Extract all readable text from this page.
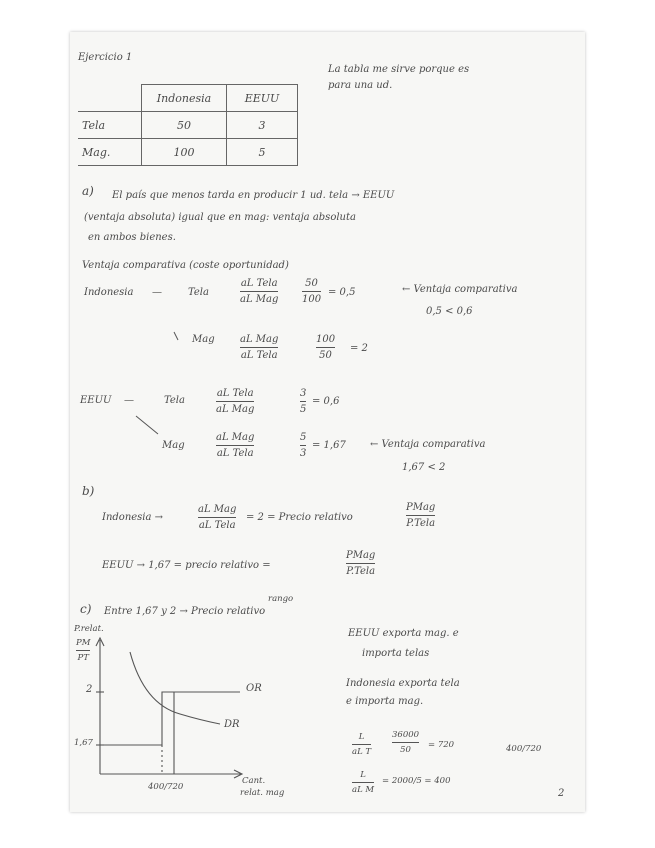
Ejercicio 1
La tabla me sirve porque es
para una ud.
	Indonesia	EEUU
Tela	50	3
Mag.	100	5
a) El país que menos tarda en producir 1 ud. tela → EEUU
(ventaja absoluta) igual que en mag: ventaja absoluta
en ambos bienes.
Ventaja comparativa (coste oportunidad)
Indonesia —	Tela
aL Tela
aL Mag
50
100
= 0,5	← Ventaja comparativa
0,5 < 0,6
Mag	aL Mag
aL Tela
100
50
= 2
EEUU —	Tela
aL Tela
aL Mag
3
5
= 0,6
Mag
aL Mag
aL Tela
5
3
= 1,67 ← Ventaja comparativa
1,67 < 2
b)
Indonesia →
aL Mag
aL Tela
= 2 = Precio relativo
PMag
P.Tela
EEUU → 1,67 = precio relativo =
PMag
P.Tela
rango
c) Entre 1,67 y 2 → Precio relativo
P.relat.
PM
PT
2
1,67
400/720
Cant.
relat. mag
OR
DR
EEUU exporta mag. e
importa telas
Indonesia exporta tela
e importa mag.
L
aL T
36000
50 = 720	400/720
L
aL M
= 2000/5 = 400
2
